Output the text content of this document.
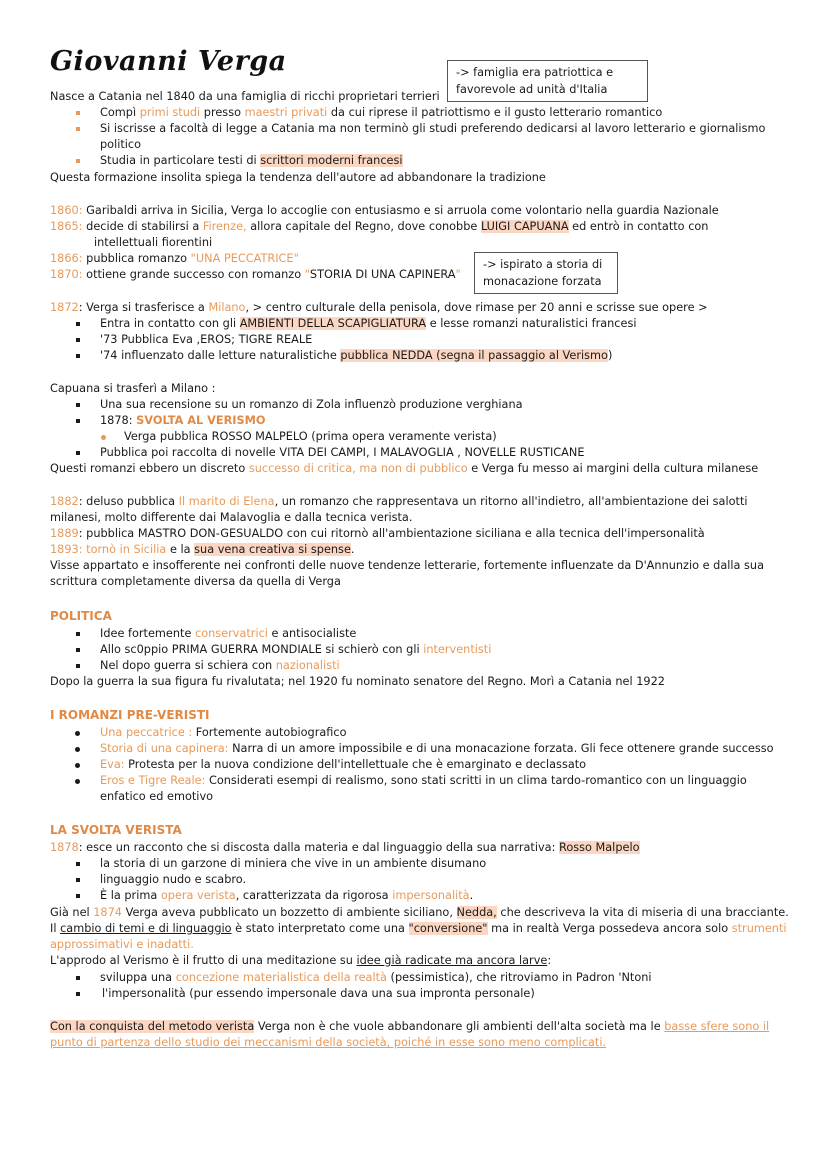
Giovanni Verga	-> famiglia era patriottica e
favorevole ad unità d'Italia
-> ispirato a storia di
monacazione forzata
Nasce a Catania nel 1840 da una famiglia di ricchi proprietari terrieri
Compì primi studi presso maestri privati da cui riprese il patriottismo e il gusto letterario romantico
Si iscrisse a facoltà di legge a Catania ma non terminò gli studi preferendo dedicarsi al lavoro letterario e giornalismo
politico
Studia in particolare testi di scrittori moderni francesi
Questa formazione insolita spiega la tendenza dell'autore ad abbandonare la tradizione
1860: Garibaldi arriva in Sicilia, Verga lo accoglie con entusiasmo e si arruola come volontario nella guardia Nazionale
1865: decide di stabilirsi a Firenze, allora capitale del Regno, dove conobbe LUIGI CAPUANA ed entrò in contatto con
intellettuali fiorentini
1866: pubblica romanzo "UNA PECCATRICE"
1870: ottiene grande successo con romanzo "STORIA DI UNA CAPINERA"
1872: Verga si trasferisce a Milano, > centro culturale della penisola, dove rimase per 20 anni e scrisse sue opere >
Entra in contatto con gli AMBIENTI DELLA SCAPIGLIATURA e lesse romanzi naturalistici francesi
'73 Pubblica Eva ,EROS; TIGRE REALE
'74 influenzato dalle letture naturalistiche pubblica NEDDA (segna il passaggio al Verismo)
Capuana si trasferì a Milano :
Una sua recensione su un romanzo di Zola influenzò produzione verghiana
1878: SVOLTA AL VERISMO
Verga pubblica ROSSO MALPELO (prima opera veramente verista)
Pubblica poi raccolta di novelle VITA DEI CAMPI, I MALAVOGLIA , NOVELLE RUSTICANE
Questi romanzi ebbero un discreto successo di critica, ma non di pubblico e Verga fu messo ai margini della cultura milanese
1882: deluso pubblica Il marito di Elena, un romanzo che rappresentava un ritorno all'indietro, all'ambientazione dei salotti
milanesi, molto differente dai Malavoglia e dalla tecnica verista.
1889: pubblica MASTRO DON-GESUALDO con cui ritornò all'ambientazione siciliana e alla tecnica dell'impersonalità
1893: tornò in Sicilia e la sua vena creativa si spense.
Visse appartato e insofferente nei confronti delle nuove tendenze letterarie, fortemente influenzate da D'Annunzio e dalla sua
scrittura completamente diversa da quella di Verga
POLITICA
Idee fortemente conservatrici e antisocialiste
Allo sc0ppio PRIMA GUERRA MONDIALE si schierò con gli interventisti
Nel dopo guerra si schiera con nazionalisti
Dopo la guerra la sua figura fu rivalutata; nel 1920 fu nominato senatore del Regno. Morì a Catania nel 1922
I ROMANZI PRE-VERISTI
Una peccatrice : Fortemente autobiografico
Storia di una capinera: Narra di un amore impossibile e di una monacazione forzata. Gli fece ottenere grande successo
Eva: Protesta per la nuova condizione dell'intellettuale che è emarginato e declassato
Eros e Tigre Reale: Considerati esempi di realismo, sono stati scritti in un clima tardo-romantico con un linguaggio
enfatico ed emotivo
LA SVOLTA VERISTA
1878: esce un racconto che si discosta dalla materia e dal linguaggio della sua narrativa: Rosso Malpelo
la storia di un garzone di miniera che vive in un ambiente disumano
linguaggio nudo e scabro.
È la prima opera verista, caratterizzata da rigorosa impersonalità.
Già nel 1874 Verga aveva pubblicato un bozzetto di ambiente siciliano, Nedda, che descriveva la vita di miseria di una bracciante.
Il cambio di temi e di linguaggio è stato interpretato come una "conversione" ma in realtà Verga possedeva ancora solo strumenti
approssimativi e inadatti.
L'approdo al Verismo è il frutto di una meditazione su idee già radicate ma ancora larve:
sviluppa una concezione materialistica della realtà (pessimistica), che ritroviamo in Padron 'Ntoni
l'impersonalità (pur essendo impersonale dava una sua impronta personale)
Con la conquista del metodo verista Verga non è che vuole abbandonare gli ambienti dell'alta società ma le basse sfere sono il
punto di partenza dello studio dei meccanismi della società, poiché in esse sono meno complicati.
